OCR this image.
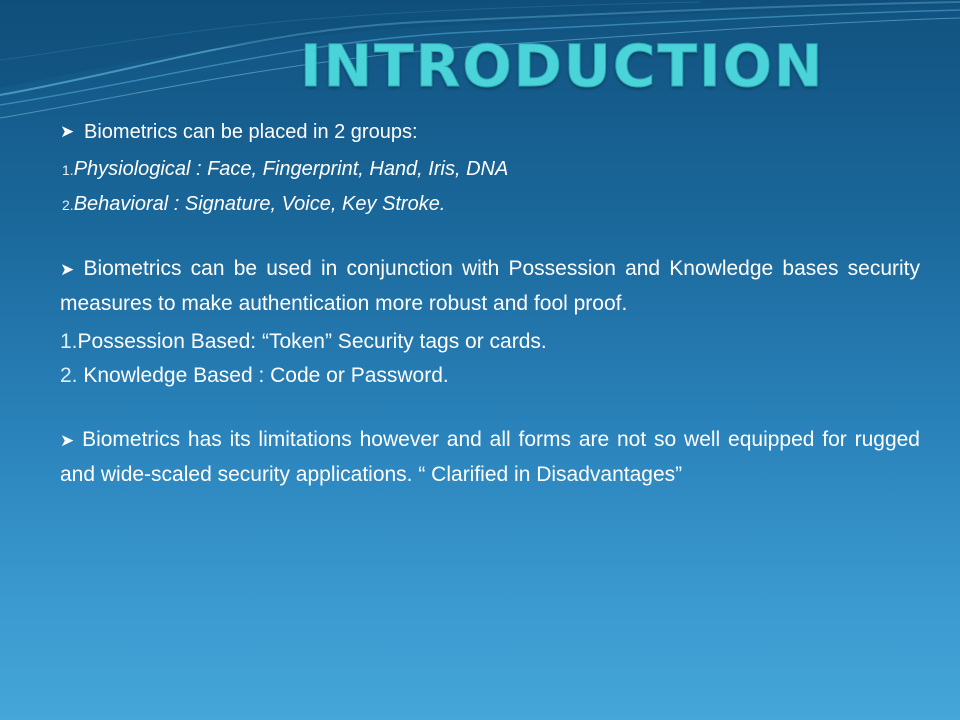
INTRODUCTION
➤ Biometrics can be placed in 2 groups:
1.Physiological : Face, Fingerprint, Hand, Iris, DNA
2.Behavioral : Signature, Voice, Key Stroke.
➤ Biometrics can be used in conjunction with Possession and Knowledge bases security measures to make authentication more robust and fool proof.
1.Possession Based: “Token” Security tags or cards.
2. Knowledge Based : Code or Password.
➤ Biometrics has its limitations however and all forms are not so well equipped for rugged and wide-scaled security applications. “ Clarified in Disadvantages”
